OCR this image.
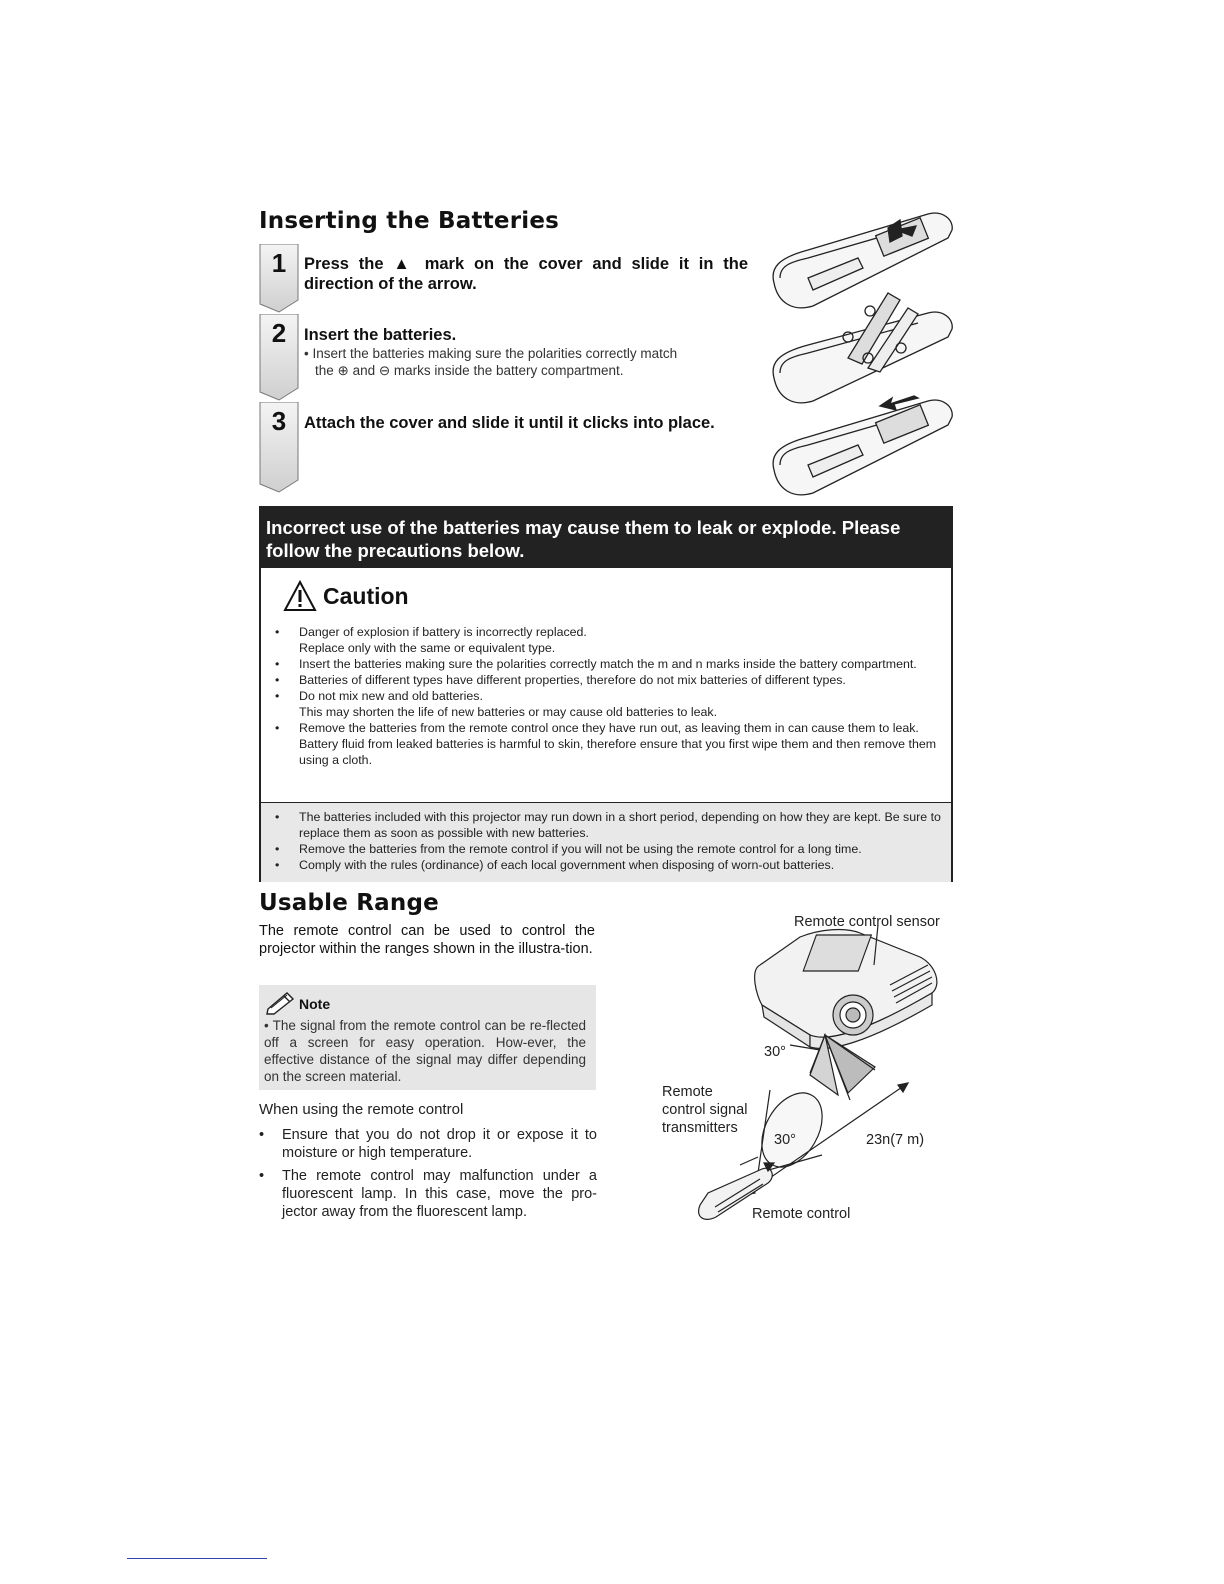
Inserting the Batteries
1	Press the ▲ mark on the cover and slide it in the direction of the arrow.
2	Insert the batteries.
• Insert the batteries making sure the polarities correctly match
the ⊕ and ⊖ marks inside the battery compartment.
3	Attach the cover and slide it until it clicks into place.
Incorrect use of the batteries may cause them to leak or explode. Please follow the precautions below.
Caution
• Danger of explosion if battery is incorrectly replaced.
Replace only with the same or equivalent type.
• Insert the batteries making sure the polarities correctly match the m and n marks inside the battery compartment.
• Batteries of different types have different properties, therefore do not mix batteries of different types.
• Do not mix new and old batteries.
This may shorten the life of new batteries or may cause old batteries to leak.
• Remove the batteries from the remote control once they have run out, as leaving them in can cause them to leak.
Battery fluid from leaked batteries is harmful to skin, therefore ensure that you first wipe them and then remove them using a cloth.
• The batteries included with this projector may run down in a short period, depending on how they are kept. Be sure to replace them as soon as possible with new batteries.
• Remove the batteries from the remote control if you will not be using the remote control for a long time.
• Comply with the rules (ordinance) of each local government when disposing of worn-out batteries.
Usable Range
The remote control can be used to control the projector within the ranges shown in the illustra-tion.
Note
• The signal from the remote control can be re-flected off a screen for easy operation. How-ever, the effective distance of the signal may differ depending on the screen material.
When using the remote control
• Ensure that you do not drop it or expose it to moisture or high temperature.
• The remote control may malfunction under a fluorescent lamp. In this case, move the pro-jector away from the fluorescent lamp.
Remote control sensor
30°
Remote
control signal
transmitters
30°	23n(7 m)
Remote control
